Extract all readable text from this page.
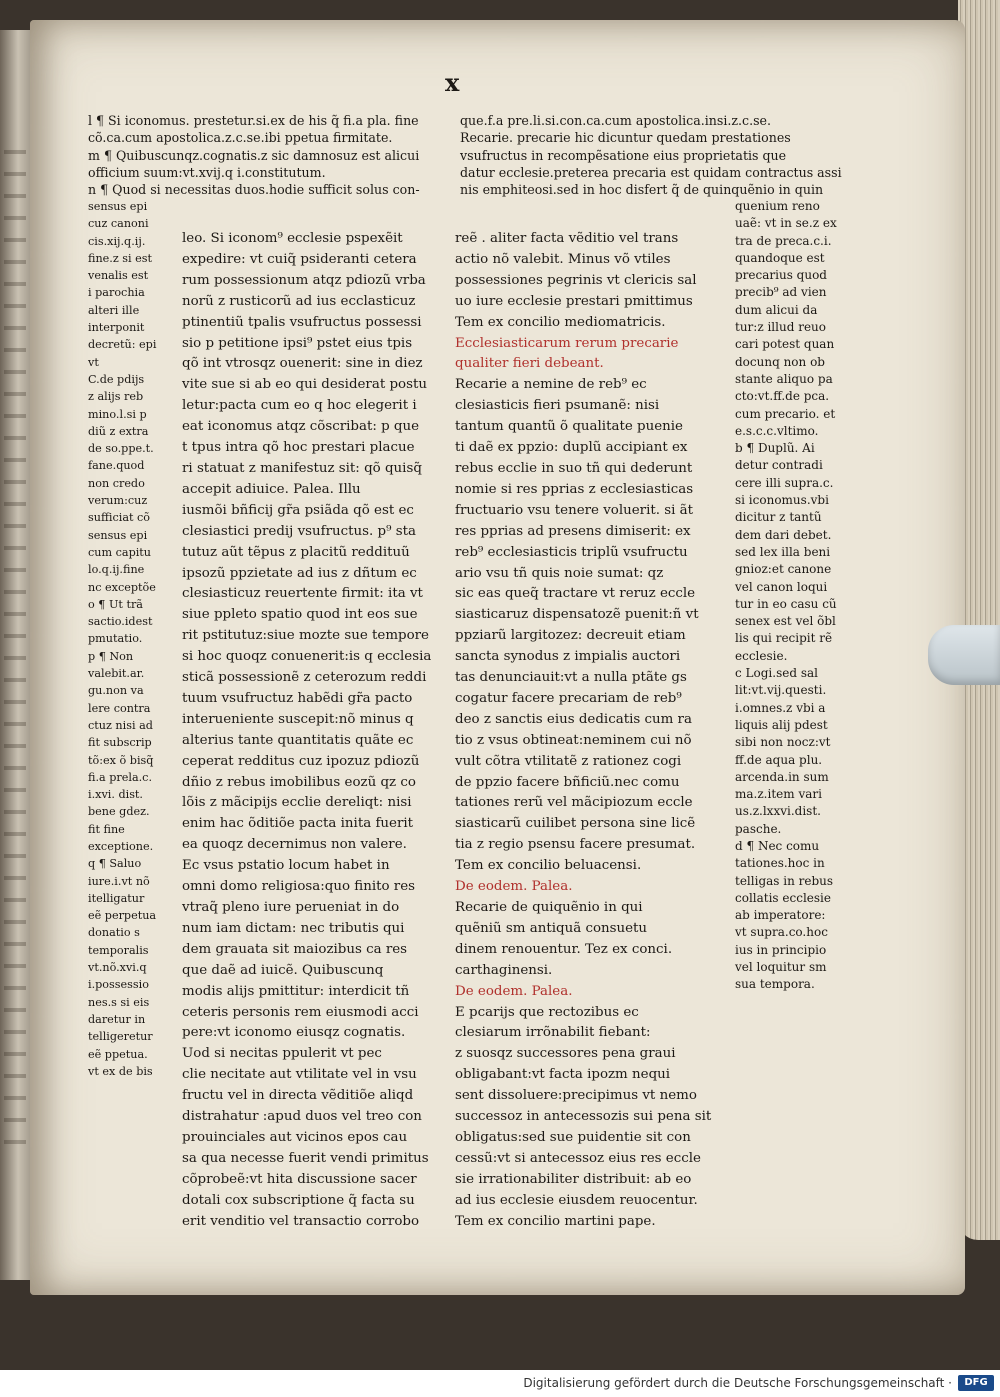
x
l ¶ Si iconomus. prestetur.si.ex de his q̃ fi.a pla. fine
cõ.ca.cum apostolica.z.c.se.ibi ppetua firmitate.
m ¶ Quibuscunqz.cognatis.z sic damnosuz est alicui
officium suum:vt.xvij.q i.constitutum.
n ¶ Quod si necessitas duos.hodie sufficit solus con-
que.f.a pre.li.si.con.ca.cum apostolica.insi.z.c.se.
Recarie. precarie hic dicuntur quedam prestationes
vsufructus in recompẽsatione eius proprietatis que
datur ecclesie.preterea precaria est quidam contractus assi
nis emphiteosi.sed in hoc disfert q̃ de quinquẽnio in quin
sensus epi
cuz canoni
cis.xij.q.ij.
fine.z si est
venalis est
i parochia
alteri ille
interponit
decretũ: epi
vt
C.de pdijs
z alijs reb
mino.l.si p
diũ z extra
de so.ppe.t.
fane.quod
non credo
verum:cuz
sufficiat cõ
sensus epi
cum capitu
lo.q.ij.fine
nc exceptõe
o ¶ Ut trã
sactio.idest
pmutatio.
p ¶ Non
valebit.ar.
gu.non va
lere contra
ctuz nisi ad
fit subscrip
tõ:ex õ bisq̃
fi.a prela.c.
i.xvi. dist.
bene gdez.
fit fine
exceptione.
q ¶ Saluo
iure.i.vt nõ
itelligatur
eẽ perpetua
donatio s
temporalis
vt.nõ.xvi.q
i.possessio
nes.s si eis
daretur in
telligeretur
eẽ ppetua.
vt ex de bis
leo. Si iconom⁹ ecclesie pspexẽit
expedire: vt cuiq̃ psideranti cetera
rum possessionum atqz pdiozũ vrba
norũ z rusticorũ ad ius ecclasticuz
ptinentiũ tpalis vsufructus possessi
sio p petitione ipsi⁹ pstet eius tpis
qõ int vtrosqz ouenerit: sine in diez
vite sue si ab eo qui desiderat postu
letur:pacta cum eo q hoc elegerit i
eat iconomus atqz cõscribat: p que
t tpus intra qõ hoc prestari placue
ri statuat z manifestuz sit: qõ quisq̃
accepit adiuice. Palea. Illu
iusmõi bñficij gr̃a psiãda qõ est ec
clesiastici predij vsufructus. p⁹ sta
tutuz aũt tẽpus z placitũ reddituũ
ipsozũ ppzietate ad ius z dñtum ec
clesiasticuz reuertente firmit: ita vt
siue ppleto spatio quod int eos sue
rit pstitutuz:siue mozte sue tempore
si hoc quoqz conuenerit:is q ecclesia
sticã possessionẽ z ceterozum reddi
tuum vsufructuz habẽdi gr̃a pacto
interueniente suscepit:nõ minus q
alterius tante quantitatis quãte ec
ceperat redditus cuz ipozuz pdiozũ
dñio z rebus imobilibus eozũ qz co
lõis z mãcipijs ecclie dereliqt: nisi
enim hac õditiõe pacta inita fuerit
ea quoqz decernimus non valere.
Ec vsus pstatio locum habet in
omni domo religiosa:quo finito res
vtraq̃ pleno iure perueniat in do
num iam dictam: nec tributis qui
dem grauata sit maiozibus ca res
que daẽ ad iuicẽ. Quibuscunq
modis alijs pmittitur: interdicit tñ
ceteris personis rem eiusmodi acci
pere:vt iconomo eiusqz cognatis.
Uod si necitas ppulerit vt pec
clie necitate aut vtilitate vel in vsu
fructu vel in directa vẽditiõe aliqd
distrahatur :apud duos vel treo con
prouinciales aut vicinos epos cau
sa qua necesse fuerit vendi primitus
cõprobeẽ:vt hita discussione sacer
dotali cox subscriptione q̃ facta su
erit venditio vel transactio corrobo
reẽ . aliter facta vẽditio vel trans
actio nõ valebit. Minus võ vtiles
possessiones pegrinis vt clericis sal
uo iure ecclesie prestari pmittimus
Tem ex concilio mediomatricis.
Ecclesiasticarum rerum precarie
qualiter fieri debeant.
Recarie a nemine de reb⁹ ec
clesiasticis fieri psumanẽ: nisi
tantum quantũ õ qualitate puenie
ti daẽ ex ppzio: duplũ accipiant ex
rebus ecclie in suo tñ qui dederunt
nomie si res pprias z ecclesiasticas
fructuario vsu tenere voluerit. si ãt
res pprias ad presens dimiserit: ex
reb⁹ ecclesiasticis triplũ vsufructu
ario vsu tñ quis noie sumat: qz
sic eas queq̃ tractare vt reruz eccle
siasticaruz dispensatozẽ puenit:ñ vt
ppziarũ largitozez: decreuit etiam
sancta synodus z impialis auctori
tas denunciauit:vt a nulla ptãte gs
cogatur facere precariam de reb⁹
deo z sanctis eius dedicatis cum ra
tio z vsus obtineat:neminem cui nõ
vult cõtra vtilitatẽ z rationez cogi
de ppzio facere bñficiũ.nec comu
tationes rerũ vel mãcipiozum eccle
siasticarũ cuilibet persona sine licẽ
tia z regio psensu facere presumat.
Tem ex concilio beluacensi.
De eodem. Palea.
Recarie de quiquẽnio in qui
quẽniũ sm antiquã consuetu
dinem renouentur. Tez ex conci.
carthaginensi.
De eodem. Palea.
E pcarijs que rectozibus ec
clesiarum irrõnabilit fiebant:
z suosqz successores pena graui
obligabant:vt facta ipozm nequi
sent dissoluere:precipimus vt nemo
successoz in antecessozis sui pena sit
obligatus:sed sue puidentie sit con
cessũ:vt si antecessoz eius res eccle
sie irrationabiliter distribuit: ab eo
ad ius ecclesie eiusdem reuocentur.
Tem ex concilio martini pape.
quenium reno
uaẽ: vt in se.z ex
tra de preca.c.i.
quandoque est
precarius quod
precib⁹ ad vien
dum alicui da
tur:z illud reuo
cari potest quan
docunq non ob
stante aliquo pa
cto:vt.ff.de pca.
cum precario. et
e.s.c.c.vltimo.
b ¶ Duplũ. Ai
detur contradi
cere illi supra.c.
si iconomus.vbi
dicitur z tantũ
dem dari debet.
sed lex illa beni
gnioz:et canone
vel canon loqui
tur in eo casu cũ
senex est vel õbl
lis qui recipit rẽ
ecclesie.
c Logi.sed sal
lit:vt.vij.questi.
i.omnes.z vbi a
liquis alij pdest
sibi non nocz:vt
ff.de aqua plu.
arcenda.in sum
ma.z.item vari
us.z.lxxvi.dist.
pasche.
d ¶ Nec comu
tationes.hoc in
telligas in rebus
collatis ecclesie
ab imperatore:
vt supra.co.hoc
ius in principio
vel loquitur sm
sua tempora.
Digitalisierung gefördert durch die Deutsche Forschungsgemeinschaft ·	DFG
